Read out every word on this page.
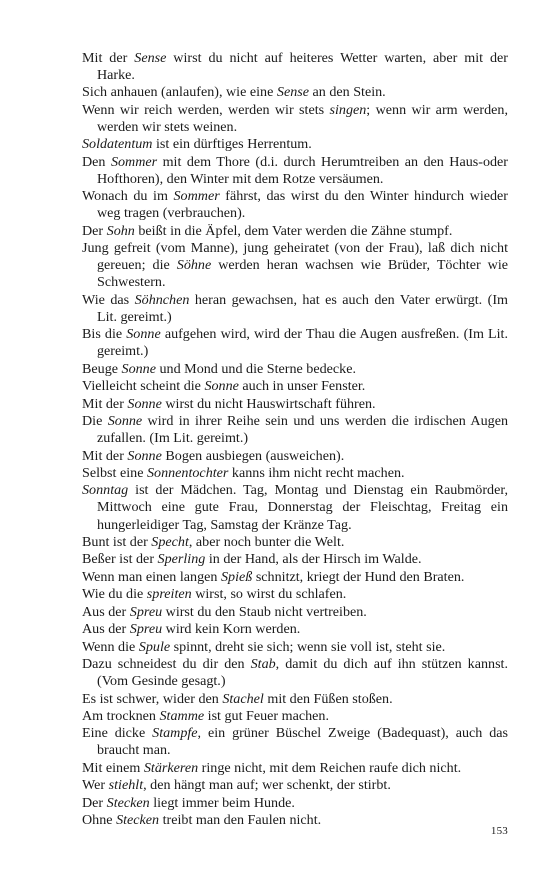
Mit der Sense wirst du nicht auf heiteres Wetter warten, aber mit der Harke.

Sich anhauen (anlaufen), wie eine Sense an den Stein.

Wenn wir reich werden, werden wir stets singen; wenn wir arm werden, werden wir stets weinen.

Soldatentum ist ein dürftiges Herrentum.

Den Sommer mit dem Thore (d.i. durch Herumtreiben an den Haus-oder Hofthoren), den Winter mit dem Rotze versäumen.

Wonach du im Sommer fährst, das wirst du den Winter hindurch wieder weg tragen (verbrauchen).

Der Sohn beißt in die Äpfel, dem Vater werden die Zähne stumpf.

Jung gefreit (vom Manne), jung geheiratet (von der Frau), laß dich nicht gereuen; die Söhne werden heran wachsen wie Brüder, Töchter wie Schwestern.

Wie das Söhnchen heran gewachsen, hat es auch den Vater erwürgt. (Im Lit. gereimt.)

Bis die Sonne aufgehen wird, wird der Thau die Augen ausfreßen. (Im Lit. gereimt.)

Beuge Sonne und Mond und die Sterne bedecke.

Vielleicht scheint die Sonne auch in unser Fenster.

Mit der Sonne wirst du nicht Hauswirtschaft führen.

Die Sonne wird in ihrer Reihe sein und uns werden die irdischen Augen zufallen. (Im Lit. gereimt.)

Mit der Sonne Bogen ausbiegen (ausweichen).

Selbst eine Sonnentochter kanns ihm nicht recht machen.

Sonntag ist der Mädchen. Tag, Montag und Dienstag ein Raubmörder, Mittwoch eine gute Frau, Donnerstag der Fleischtag, Freitag ein hungerleidiger Tag, Samstag der Kränze Tag.

Bunt ist der Specht, aber noch bunter die Welt.

Beßer ist der Sperling in der Hand, als der Hirsch im Walde.

Wenn man einen langen Spieß schnitzt, kriegt der Hund den Braten.

Wie du die spreiten wirst, so wirst du schlafen.

Aus der Spreu wirst du den Staub nicht vertreiben.

Aus der Spreu wird kein Korn werden.

Wenn die Spule spinnt, dreht sie sich; wenn sie voll ist, steht sie.

Dazu schneidest du dir den Stab, damit du dich auf ihn stützen kannst. (Vom Gesinde gesagt.)

Es ist schwer, wider den Stachel mit den Füßen stoßen.

Am trocknen Stamme ist gut Feuer machen.

Eine dicke Stampfe, ein grüner Büschel Zweige (Badequast), auch das braucht man.

Mit einem Stärkeren ringe nicht, mit dem Reichen raufe dich nicht.

Wer stiehlt, den hängt man auf; wer schenkt, der stirbt.

Der Stecken liegt immer beim Hunde.

Ohne Stecken treibt man den Faulen nicht.

153
